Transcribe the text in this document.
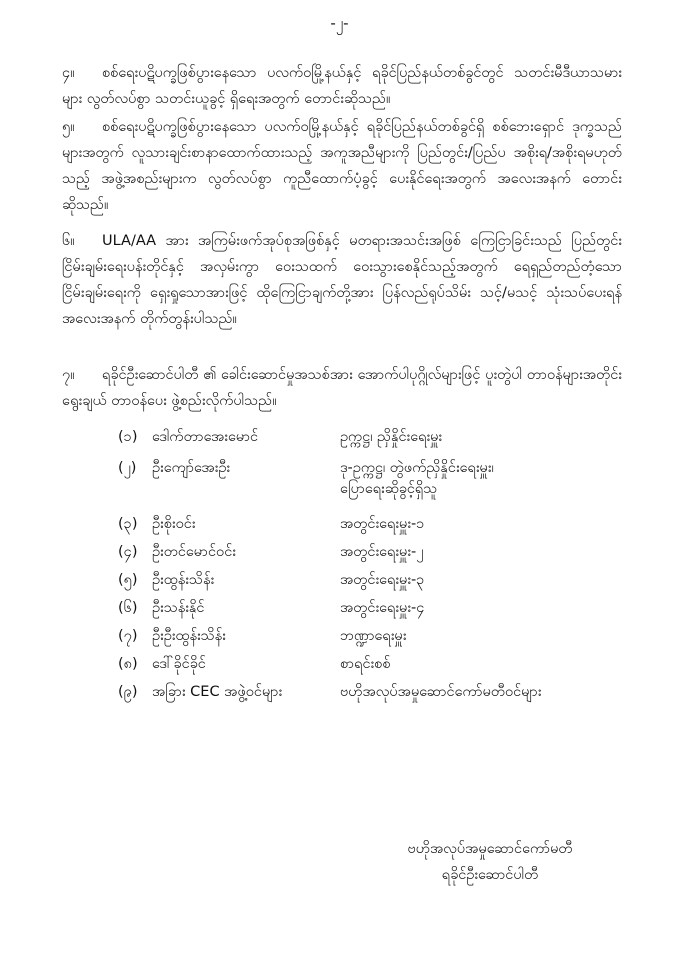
-၂-
၄။ စစ်ရေးပဋိပက္ခဖြစ်ပွားနေသော ပလက်ဝမြို့နယ်နှင့် ရခိုင်ပြည်နယ်တစ်ခွင်တွင် သတင်းမီဒီယာသမားများ လွတ်လပ်စွာ သတင်းယူခွင့် ရှိရေးအတွက် တောင်းဆိုသည်။
၅။ စစ်ရေးပဋိပက္ခဖြစ်ပွားနေသော ပလက်ဝမြို့နယ်နှင့် ရခိုင်ပြည်နယ်တစ်ခွင်ရှိ စစ်ဘေးရှောင် ဒုက္ခသည်များအတွက် လူသားချင်းစာနာထောက်ထားသည့် အကူအညီများကို ပြည်တွင်း/ပြည်ပ အစိုးရ/အစိုးရမဟုတ်သည့် အဖွဲ့အစည်းများက လွတ်လပ်စွာ ကူညီထောက်ပံ့ခွင့် ပေးနိုင်ရေးအတွက် အလေးအနက် တောင်းဆိုသည်။
၆။ ULA/AA အား အကြမ်းဖက်အုပ်စုအဖြစ်နှင့် မတရားအသင်းအဖြစ် ကြေငြာခြင်းသည် ပြည်တွင်းငြိမ်းချမ်းရေးပန်းတိုင်နှင့် အလှမ်းကွာ ဝေးသထက် ဝေးသွားစေနိုင်သည့်အတွက် ရေရှည်တည်တံ့သော ငြိမ်းချမ်းရေးကို ရှေးရှုသောအားဖြင့် ထိုကြေငြာချက်တို့အား ပြန်လည်ရုပ်သိမ်း သင့်/မသင့် သုံးသပ်ပေးရန် အလေးအနက် တိုက်တွန်းပါသည်။
၇။ ရခိုင်ဦးဆောင်ပါတီ ၏ ခေါင်းဆောင်မှုအသစ်အား အောက်ပါပုဂ္ဂိုလ်များဖြင့် ပူးတွဲပါ တာဝန်များအတိုင်း ရွေးချယ် တာဝန်ပေး ဖွဲ့စည်းလိုက်ပါသည်။
(၁)	ဒေါက်တာအေးမောင်	ဥက္ကဋ္ဌ၊ ညှိနှိုင်းရေးမှူး
(၂)	ဦးကျော်အေးဦး	ဒု-ဥက္ကဋ္ဌ၊ တွဲဖက်ညှိနှိုင်းရေးမှူး၊
ပြောရေးဆိုခွင့်ရှိသူ
(၃)	ဦးစိုးဝင်း	အတွင်းရေးမှူး-၁
(၄)	ဦးတင်မောင်ဝင်း	အတွင်းရေးမှူး-၂
(၅)	ဦးထွန်းသိန်း	အတွင်းရေးမှူး-၃
(၆)	ဦးသန်းနိုင်	အတွင်းရေးမှူး-၄
(၇)	ဦးဦးထွန်းသိန်း	ဘဏ္ဍာရေးမှူး
(၈) ဒေါ်ခိုင်ခိုင်	စာရင်းစစ်
(၉)	အခြား CEC အဖွဲ့ဝင်များ	ဗဟိုအလုပ်အမှုဆောင်ကော်မတီဝင်များ
ဗဟိုအလုပ်အမှုဆောင်ကော်မတီ
ရခိုင်ဦးဆောင်ပါတီ
